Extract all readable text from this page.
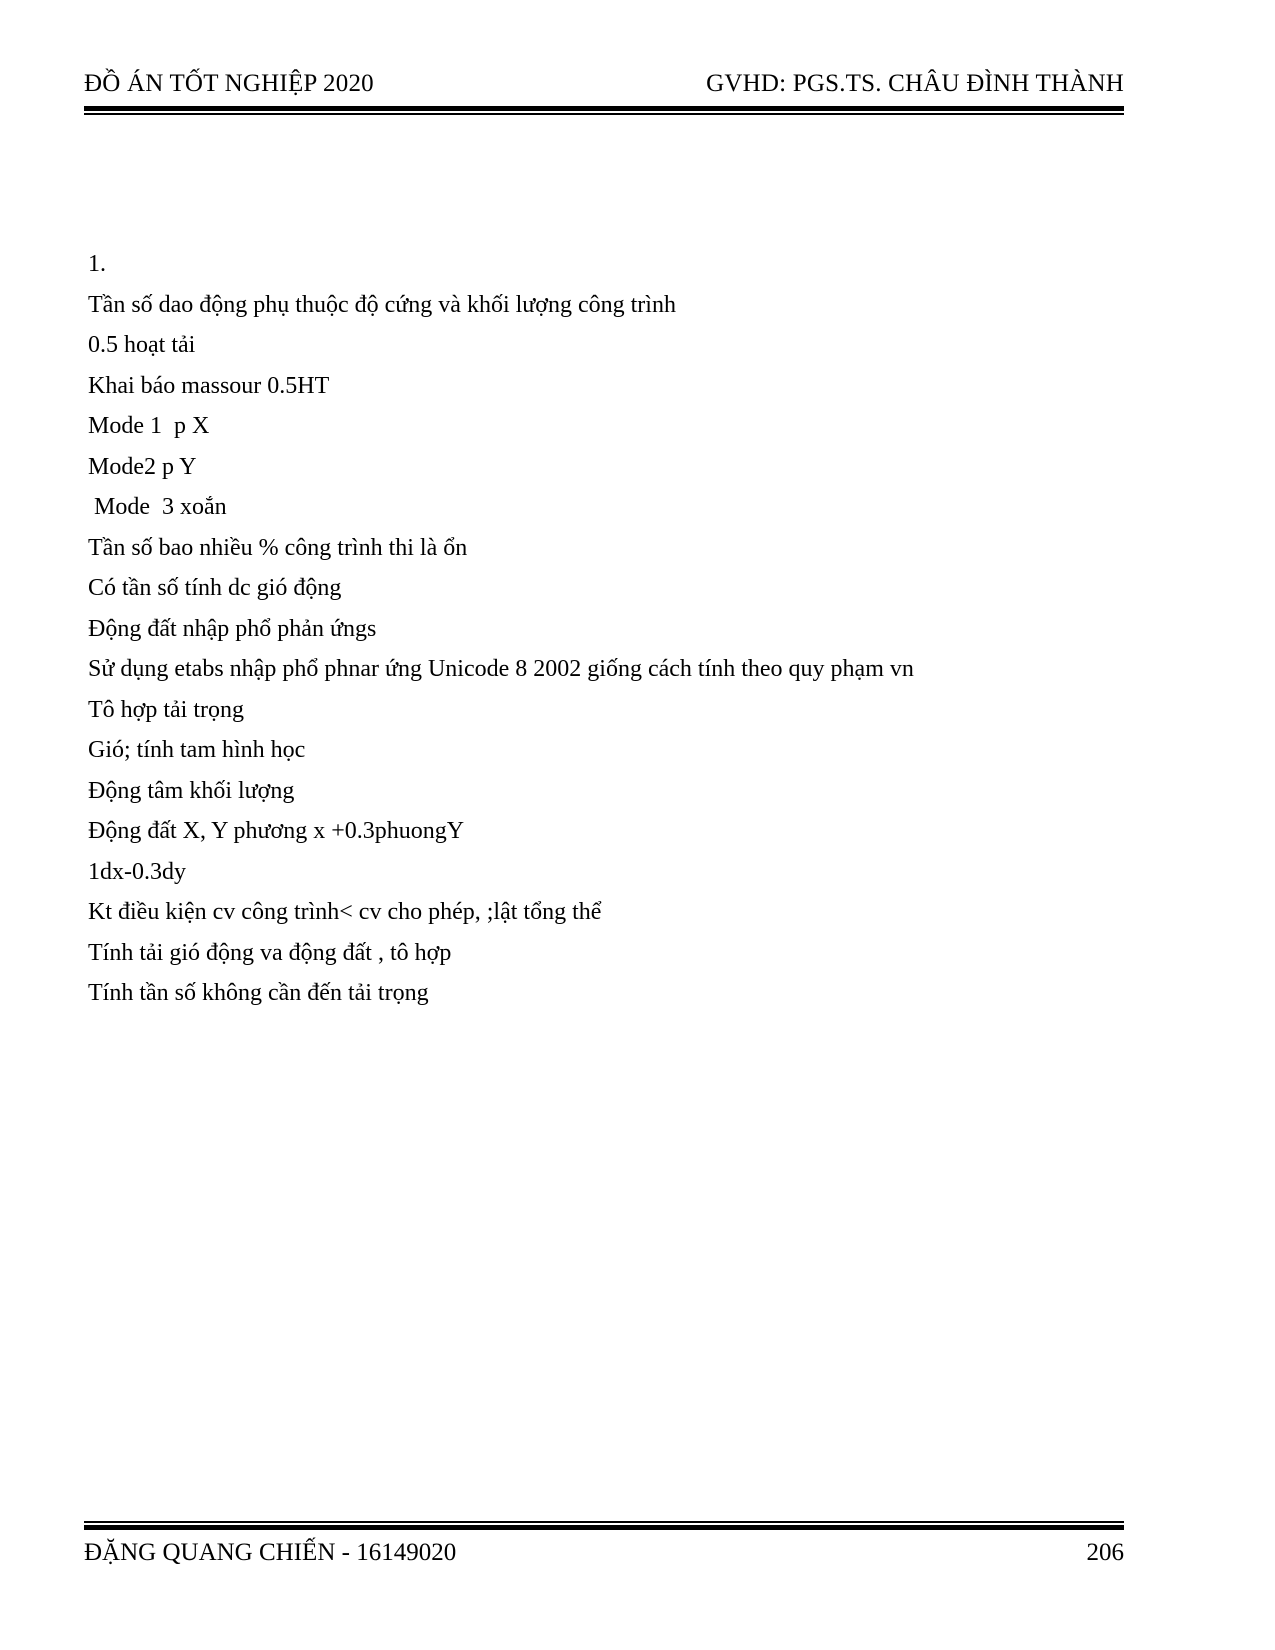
ĐỒ ÁN TỐT NGHIỆP 2020	GVHD: PGS.TS. CHÂU ĐÌNH THÀNH
1.
Tần số dao động phụ thuộc độ cứng và khối lượng công trình
0.5 hoạt tải
Khai báo massour 0.5HT
Mode 1  p X
Mode2 p Y
Mode  3 xoắn
Tần số bao nhiều % công trình thi là ổn
Có tần số tính dc gió động
Động đất nhập phổ phản ứngs
Sử dụng etabs nhập phổ phnar ứng Unicode 8 2002 giống cách tính theo quy phạm vn
Tô hợp tải trọng
Gió; tính tam hình học
Động tâm khối lượng
Động đất X, Y phương x +0.3phuongY
1dx-0.3dy
Kt điều kiện cv công trình< cv cho phép, ;lật tổng thể
Tính tải gió động va động đất , tô hợp
Tính tần số không cần đến tải trọng
ĐẶNG QUANG CHIẾN - 16149020	206
